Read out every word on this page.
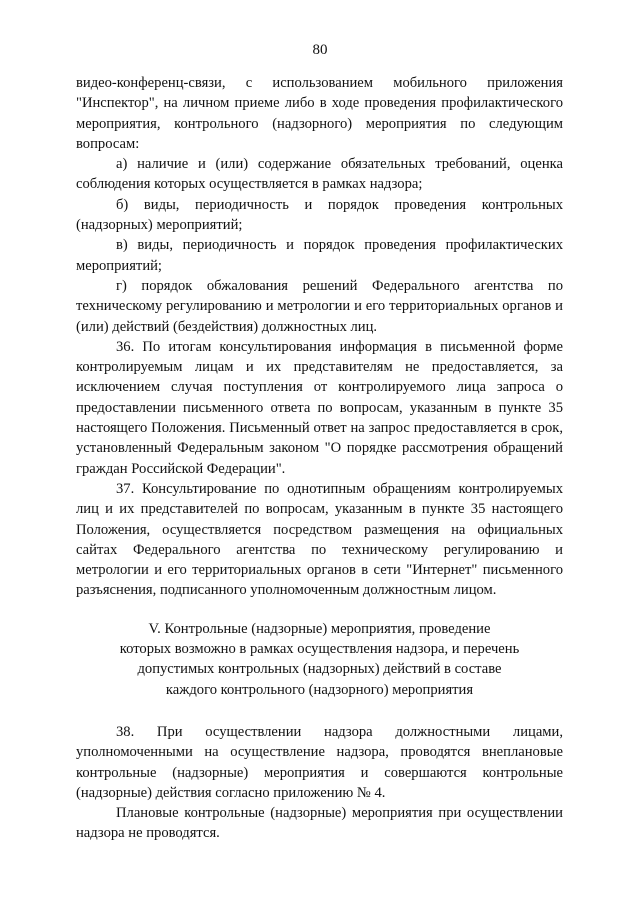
80

видео-конференц-связи, с использованием мобильного приложения "Инспектор", на личном приеме либо в ходе проведения профилактического мероприятия, контрольного (надзорного) мероприятия по следующим вопросам:

а) наличие и (или) содержание обязательных требований, оценка соблюдения которых осуществляется в рамках надзора;

б) виды, периодичность и порядок проведения контрольных (надзорных) мероприятий;

в) виды, периодичность и порядок проведения профилактических мероприятий;

г) порядок обжалования решений Федерального агентства по техническому регулированию и метрологии и его территориальных органов и (или) действий (бездействия) должностных лиц.

36. По итогам консультирования информация в письменной форме контролируемым лицам и их представителям не предоставляется, за исключением случая поступления от контролируемого лица запроса о предоставлении письменного ответа по вопросам, указанным в пункте 35 настоящего Положения. Письменный ответ на запрос предоставляется в срок, установленный Федеральным законом "О порядке рассмотрения обращений граждан Российской Федерации".

37. Консультирование по однотипным обращениям контролируемых лиц и их представителей по вопросам, указанным в пункте 35 настоящего Положения, осуществляется посредством размещения на официальных сайтах Федерального агентства по техническому регулированию и метрологии и его территориальных органов в сети "Интернет" письменного разъяснения, подписанного уполномоченным должностным лицом.

V. Контрольные (надзорные) мероприятия, проведение
которых возможно в рамках осуществления надзора, и перечень
допустимых контрольных (надзорных) действий в составе
каждого контрольного (надзорного) мероприятия

38. При осуществлении надзора должностными лицами, уполномоченными на осуществление надзора, проводятся внеплановые контрольные (надзорные) мероприятия и совершаются контрольные (надзорные) действия согласно приложению № 4.

Плановые контрольные (надзорные) мероприятия при осуществлении надзора не проводятся.
